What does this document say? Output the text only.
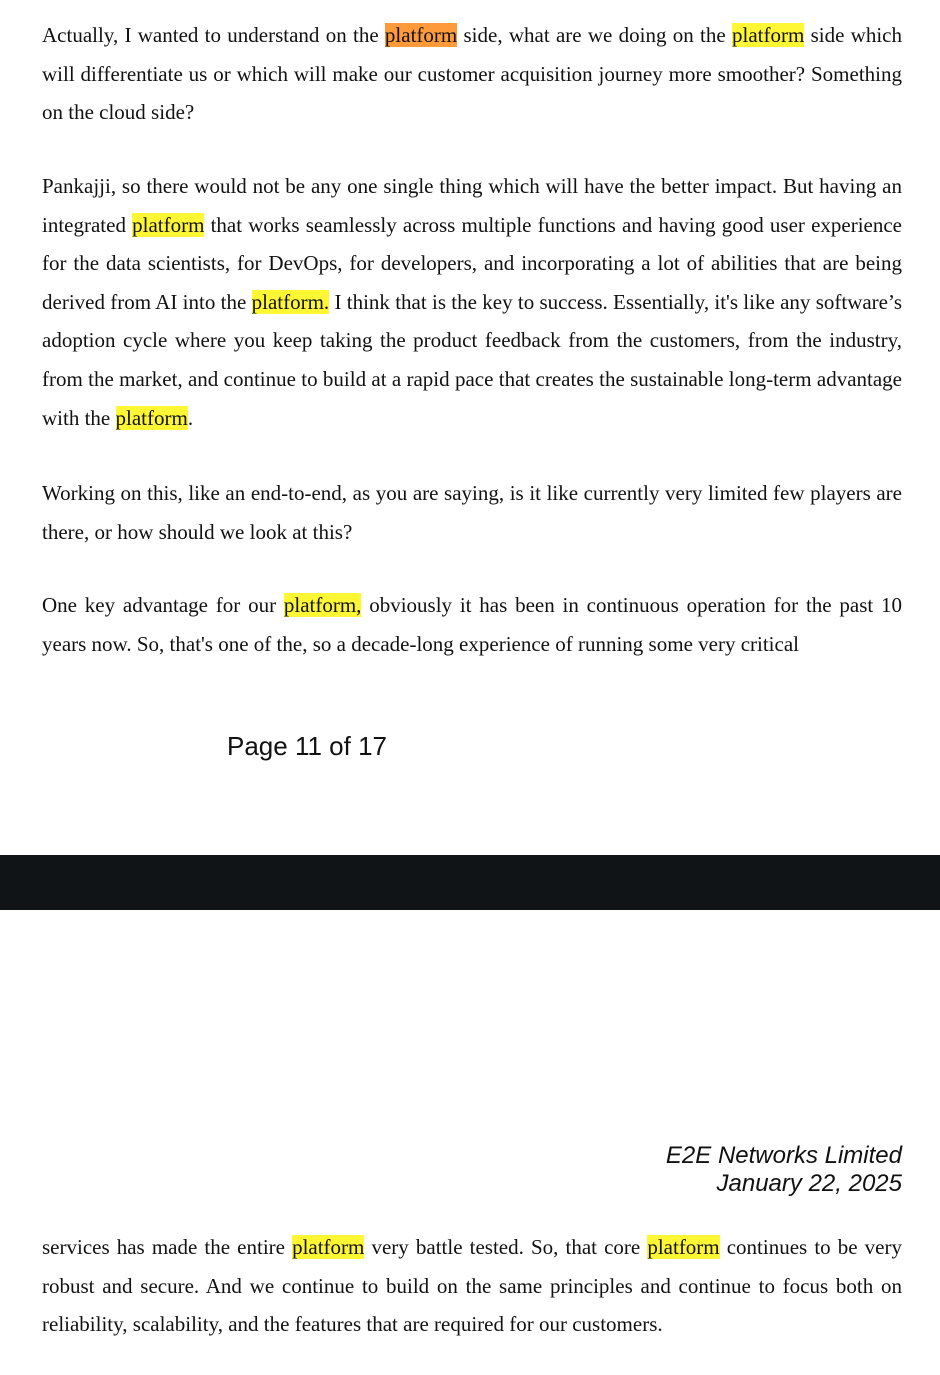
Actually, I wanted to understand on the platform side, what are we doing on the platform side which will differentiate us or which will make our customer acquisition journey more smoother? Something on the cloud side?

Pankajji, so there would not be any one single thing which will have the better impact. But having an integrated platform that works seamlessly across multiple functions and having good user experience for the data scientists, for DevOps, for developers, and incorporating a lot of abilities that are being derived from AI into the platform. I think that is the key to success. Essentially, it's like any software’s adoption cycle where you keep taking the product feedback from the customers, from the industry, from the market, and continue to build at a rapid pace that creates the sustainable long-term advantage with the platform.

Working on this, like an end-to-end, as you are saying, is it like currently very limited few players are there, or how should we look at this?

One key advantage for our platform, obviously it has been in continuous operation for the past 10 years now. So, that's one of the, so a decade-long experience of running some very critical

Page 11 of 17

E2E Networks Limited
January 22, 2025

services has made the entire platform very battle tested. So, that core platform continues to be very robust and secure. And we continue to build on the same principles and continue to focus both on reliability, scalability, and the features that are required for our customers.
